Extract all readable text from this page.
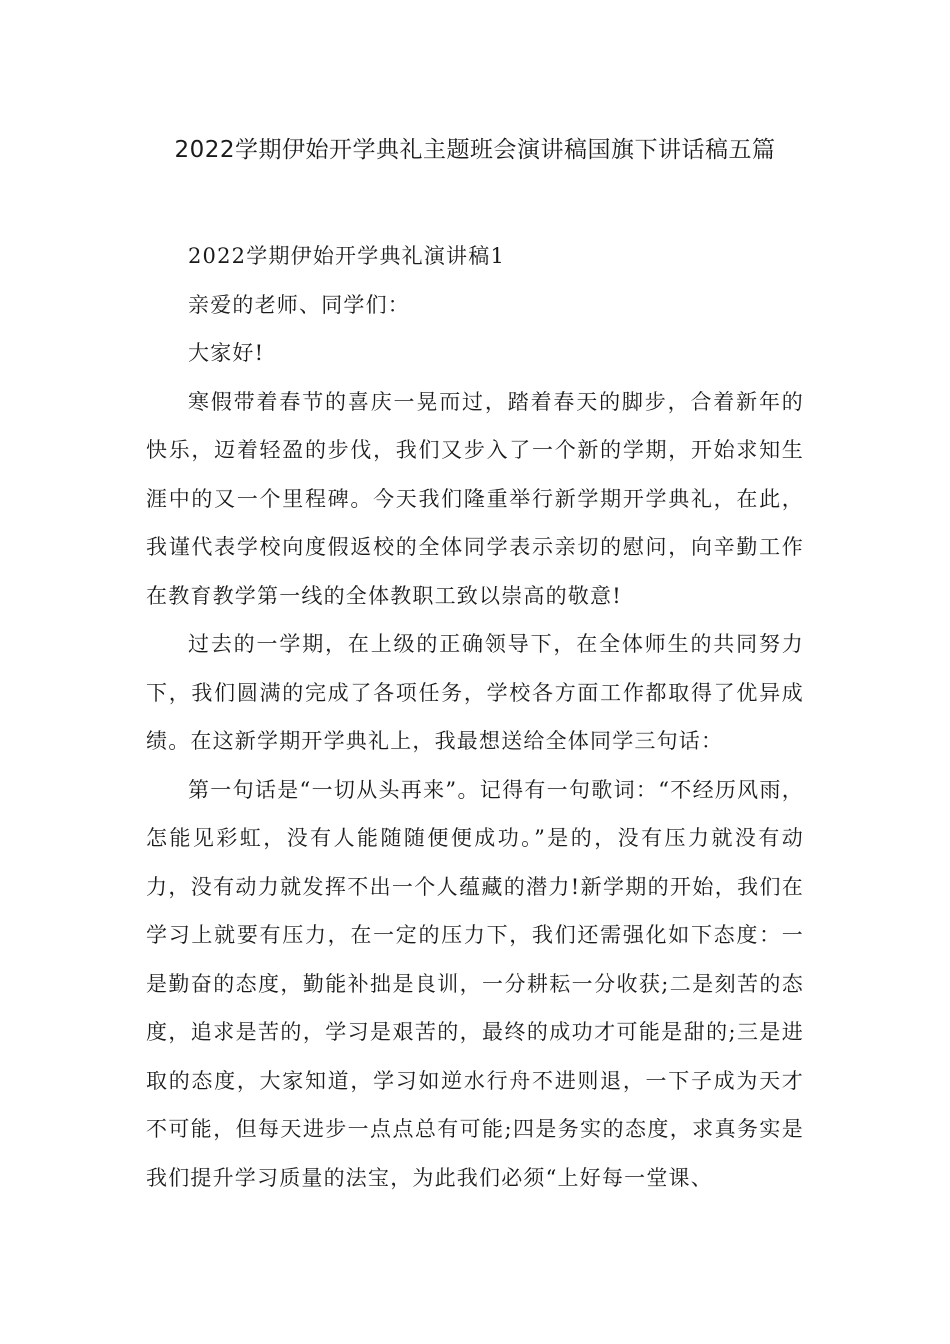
2022学期伊始开学典礼主题班会演讲稿国旗下讲话稿五篇

2022学期伊始开学典礼演讲稿1

亲爱的老师、同学们：

大家好!

寒假带着春节的喜庆一晃而过，踏着春天的脚步，合着新年的快乐，迈着轻盈的步伐，我们又步入了一个新的学期，开始求知生涯中的又一个里程碑。今天我们隆重举行新学期开学典礼，在此，我谨代表学校向度假返校的全体同学表示亲切的慰问，向辛勤工作在教育教学第一线的全体教职工致以崇高的敬意!

过去的一学期，在上级的正确领导下，在全体师生的共同努力下，我们圆满的完成了各项任务，学校各方面工作都取得了优异成绩。在这新学期开学典礼上，我最想送给全体同学三句话：

第一句话是“一切从头再来”。记得有一句歌词：“不经历风雨，怎能见彩虹，没有人能随随便便成功。”是的，没有压力就没有动力，没有动力就发挥不出一个人蕴藏的潜力!新学期的开始，我们在学习上就要有压力，在一定的压力下，我们还需强化如下态度：一是勤奋的态度，勤能补拙是良训，一分耕耘一分收获;二是刻苦的态度，追求是苦的，学习是艰苦的，最终的成功才可能是甜的;三是进取的态度，大家知道，学习如逆水行舟不进则退，一下子成为天才不可能，但每天进步一点点总有可能;四是务实的态度，求真务实是我们提升学习质量的法宝，为此我们必须“上好每一堂课、
